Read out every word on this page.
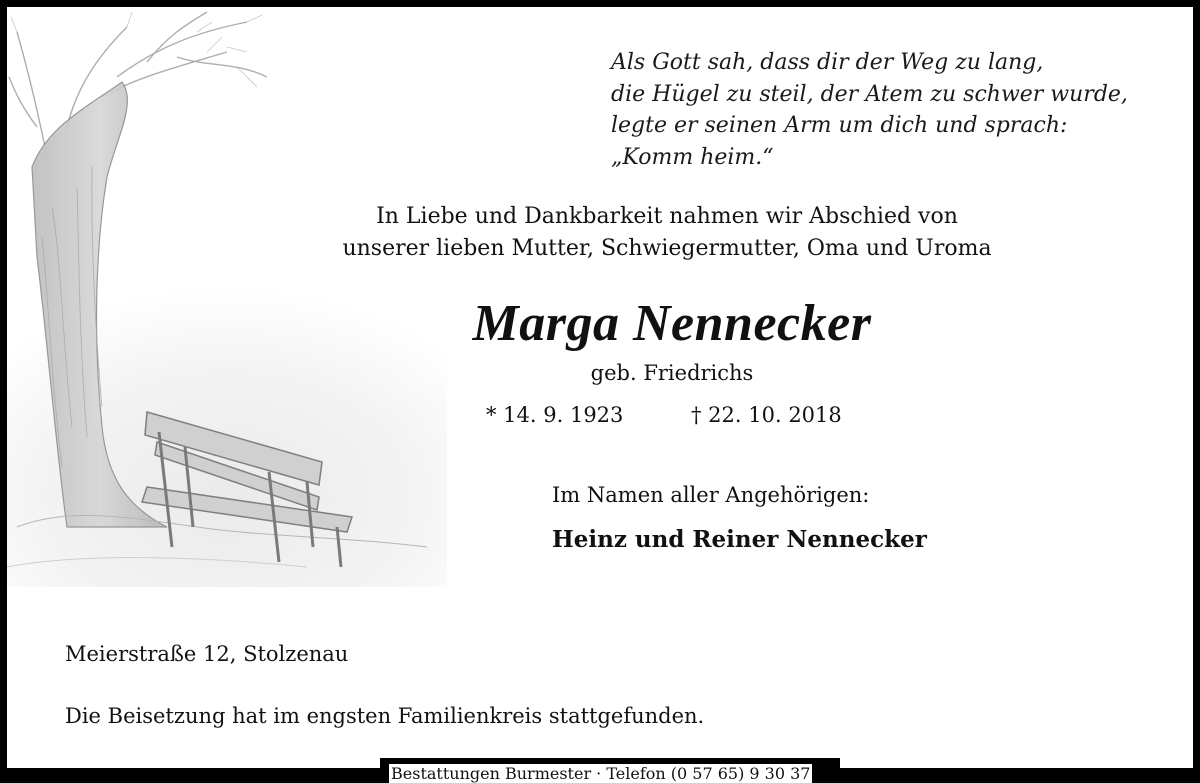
Als Gott sah, dass dir der Weg zu lang,
die Hügel zu steil, der Atem zu schwer wurde,
legte er seinen Arm um dich und sprach:
„Komm heim.“
In Liebe und Dankbarkeit nahmen wir Abschied von
unserer lieben Mutter, Schwiegermutter, Oma und Uroma
Marga Nennecker
geb. Friedrichs
* 14. 9. 1923	† 22. 10. 2018
Im Namen aller Angehörigen:
Heinz und Reiner Nennecker
Meierstraße 12, Stolzenau
Die Beisetzung hat im engsten Familienkreis stattgefunden.
Bestattungen Burmester · Telefon (0 57 65) 9 30 37
